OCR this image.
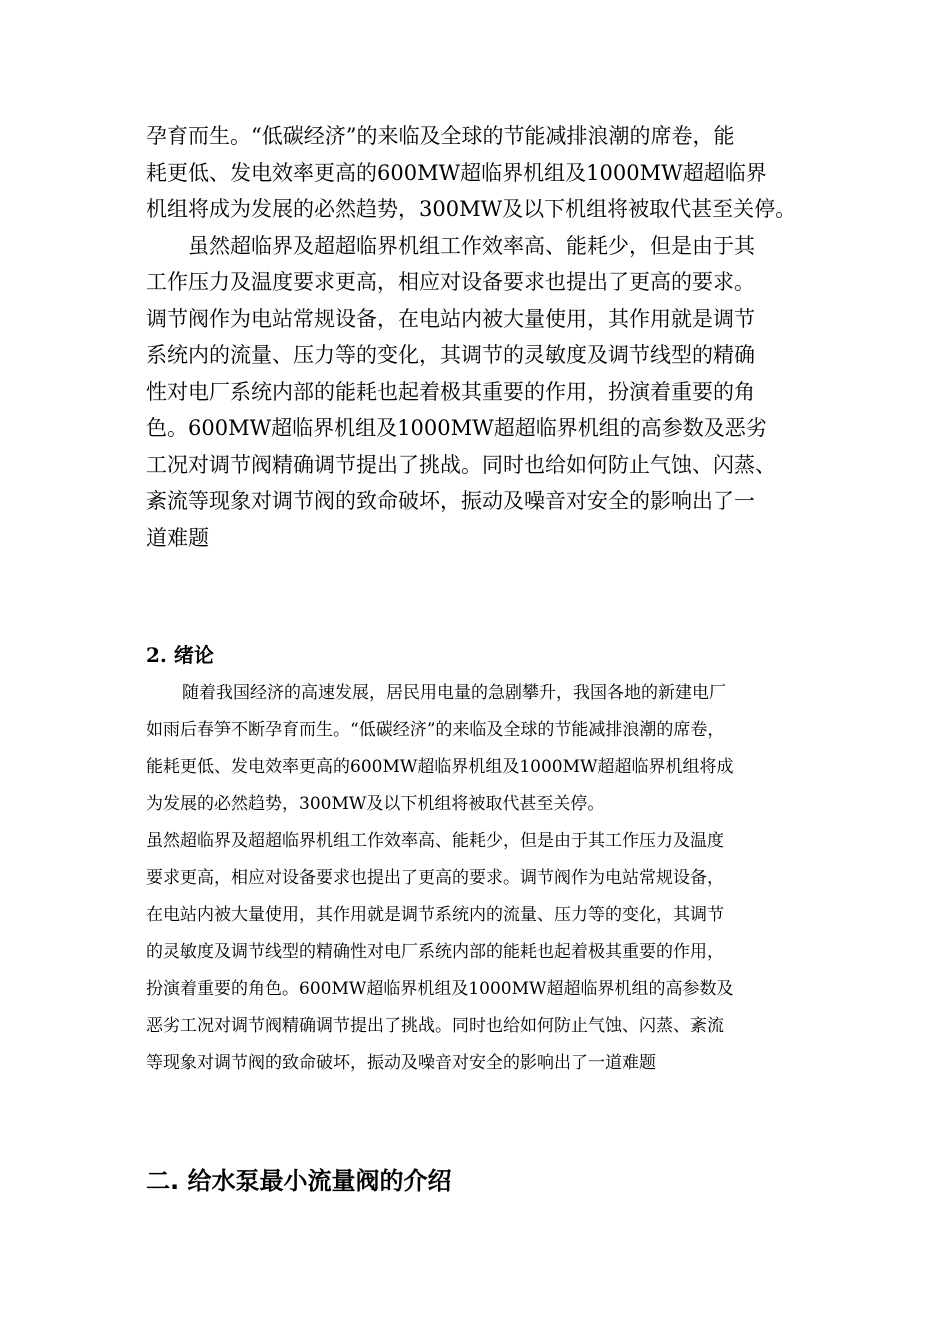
孕育而生。“低碳经济”的来临及全球的节能减排浪潮的席卷，能
耗更低、发电效率更高的600MW超临界机组及1000MW超超临界
机组将成为发展的必然趋势，300MW及以下机组将被取代甚至关停。
虽然超临界及超超临界机组工作效率高、能耗少，但是由于其
工作压力及温度要求更高，相应对设备要求也提出了更高的要求。
调节阀作为电站常规设备，在电站内被大量使用，其作用就是调节
系统内的流量、压力等的变化，其调节的灵敏度及调节线型的精确
性对电厂系统内部的能耗也起着极其重要的作用，扮演着重要的角
色。600MW超临界机组及1000MW超超临界机组的高参数及恶劣
工况对调节阀精确调节提出了挑战。同时也给如何防止气蚀、闪蒸、
紊流等现象对调节阀的致命破坏，振动及噪音对安全的影响出了一
道难题
2. 绪论
随着我国经济的高速发展，居民用电量的急剧攀升，我国各地的新建电厂
如雨后春笋不断孕育而生。“低碳经济”的来临及全球的节能减排浪潮的席卷，
能耗更低、发电效率更高的600MW超临界机组及1000MW超超临界机组将成
为发展的必然趋势，300MW及以下机组将被取代甚至关停。
虽然超临界及超超临界机组工作效率高、能耗少，但是由于其工作压力及温度
要求更高，相应对设备要求也提出了更高的要求。调节阀作为电站常规设备，
在电站内被大量使用，其作用就是调节系统内的流量、压力等的变化，其调节
的灵敏度及调节线型的精确性对电厂系统内部的能耗也起着极其重要的作用，
扮演着重要的角色。600MW超临界机组及1000MW超超临界机组的高参数及
恶劣工况对调节阀精确调节提出了挑战。同时也给如何防止气蚀、闪蒸、紊流
等现象对调节阀的致命破坏，振动及噪音对安全的影响出了一道难题
二. 给水泵最小流量阀的介绍
